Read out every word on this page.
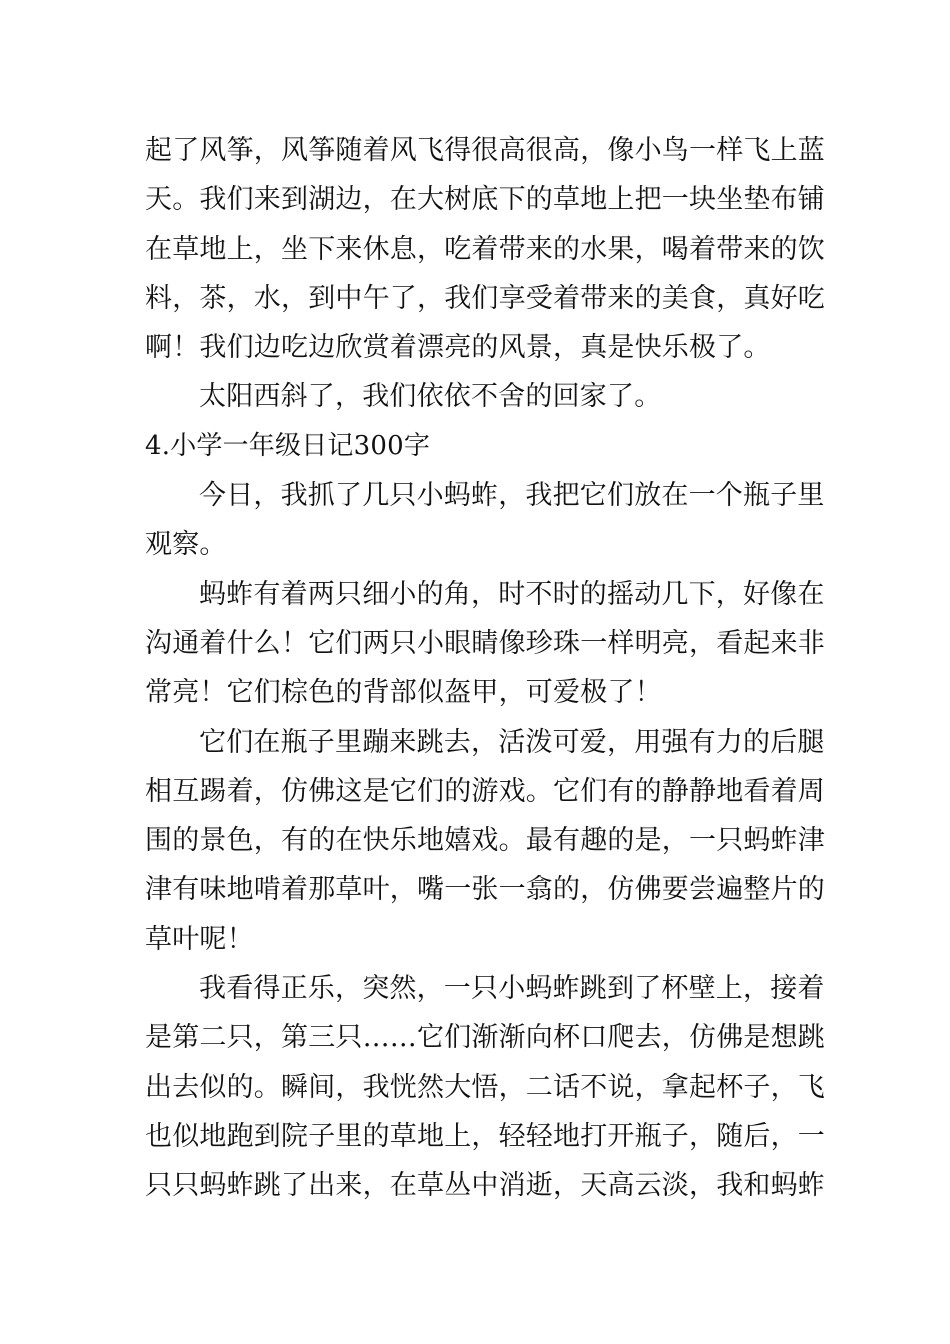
起了风筝，风筝随着风飞得很高很高，像小鸟一样飞上蓝
天。我们来到湖边，在大树底下的草地上把一块坐垫布铺
在草地上，坐下来休息，吃着带来的水果，喝着带来的饮
料，茶，水，到中午了，我们享受着带来的美食，真好吃
啊！我们边吃边欣赏着漂亮的风景，真是快乐极了。
太阳西斜了，我们依依不舍的回家了。
4.小学一年级日记300字
今日，我抓了几只小蚂蚱，我把它们放在一个瓶子里
观察。
蚂蚱有着两只细小的角，时不时的摇动几下，好像在
沟通着什么！它们两只小眼睛像珍珠一样明亮，看起来非
常亮！它们棕色的背部似盔甲，可爱极了！
它们在瓶子里蹦来跳去，活泼可爱，用强有力的后腿
相互踢着，仿佛这是它们的游戏。它们有的静静地看着周
围的景色，有的在快乐地嬉戏。最有趣的是，一只蚂蚱津
津有味地啃着那草叶，嘴一张一翕的，仿佛要尝遍整片的
草叶呢！
我看得正乐，突然，一只小蚂蚱跳到了杯壁上，接着
是第二只，第三只……它们渐渐向杯口爬去，仿佛是想跳
出去似的。瞬间，我恍然大悟，二话不说，拿起杯子，飞
也似地跑到院子里的草地上，轻轻地打开瓶子，随后，一
只只蚂蚱跳了出来，在草丛中消逝，天高云淡，我和蚂蚱
